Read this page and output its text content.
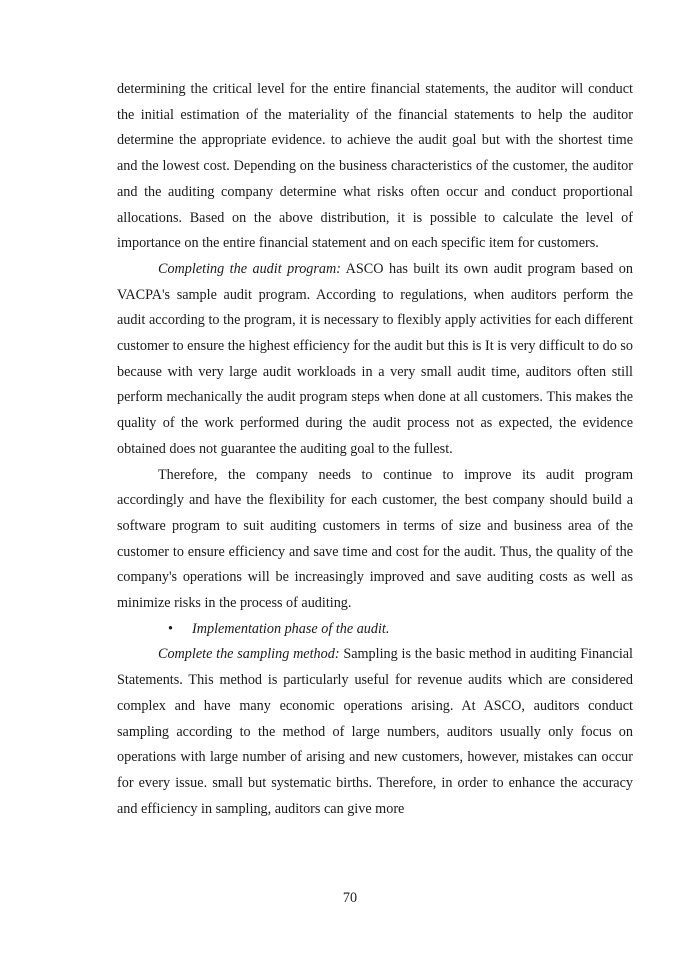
determining the critical level for the entire financial statements, the auditor will conduct the initial estimation of the materiality of the financial statements to help the auditor determine the appropriate evidence. to achieve the audit goal but with the shortest time and the lowest cost. Depending on the business characteristics of the customer, the auditor and the auditing company determine what risks often occur and conduct proportional allocations. Based on the above distribution, it is possible to calculate the level of importance on the entire financial statement and on each specific item for customers.

Completing the audit program: ASCO has built its own audit program based on VACPA's sample audit program. According to regulations, when auditors perform the audit according to the program, it is necessary to flexibly apply activities for each different customer to ensure the highest efficiency for the audit but this is It is very difficult to do so because with very large audit workloads in a very small audit time, auditors often still perform mechanically the audit program steps when done at all customers. This makes the quality of the work performed during the audit process not as expected, the evidence obtained does not guarantee the auditing goal to the fullest.

Therefore, the company needs to continue to improve its audit program accordingly and have the flexibility for each customer, the best company should build a software program to suit auditing customers in terms of size and business area of the customer to ensure efficiency and save time and cost for the audit. Thus, the quality of the company's operations will be increasingly improved and save auditing costs as well as minimize risks in the process of auditing.

• Implementation phase of the audit.

Complete the sampling method: Sampling is the basic method in auditing Financial Statements. This method is particularly useful for revenue audits which are considered complex and have many economic operations arising. At ASCO, auditors conduct sampling according to the method of large numbers, auditors usually only focus on operations with large number of arising and new customers, however, mistakes can occur for every issue. small but systematic births. Therefore, in order to enhance the accuracy and efficiency in sampling, auditors can give more

70
